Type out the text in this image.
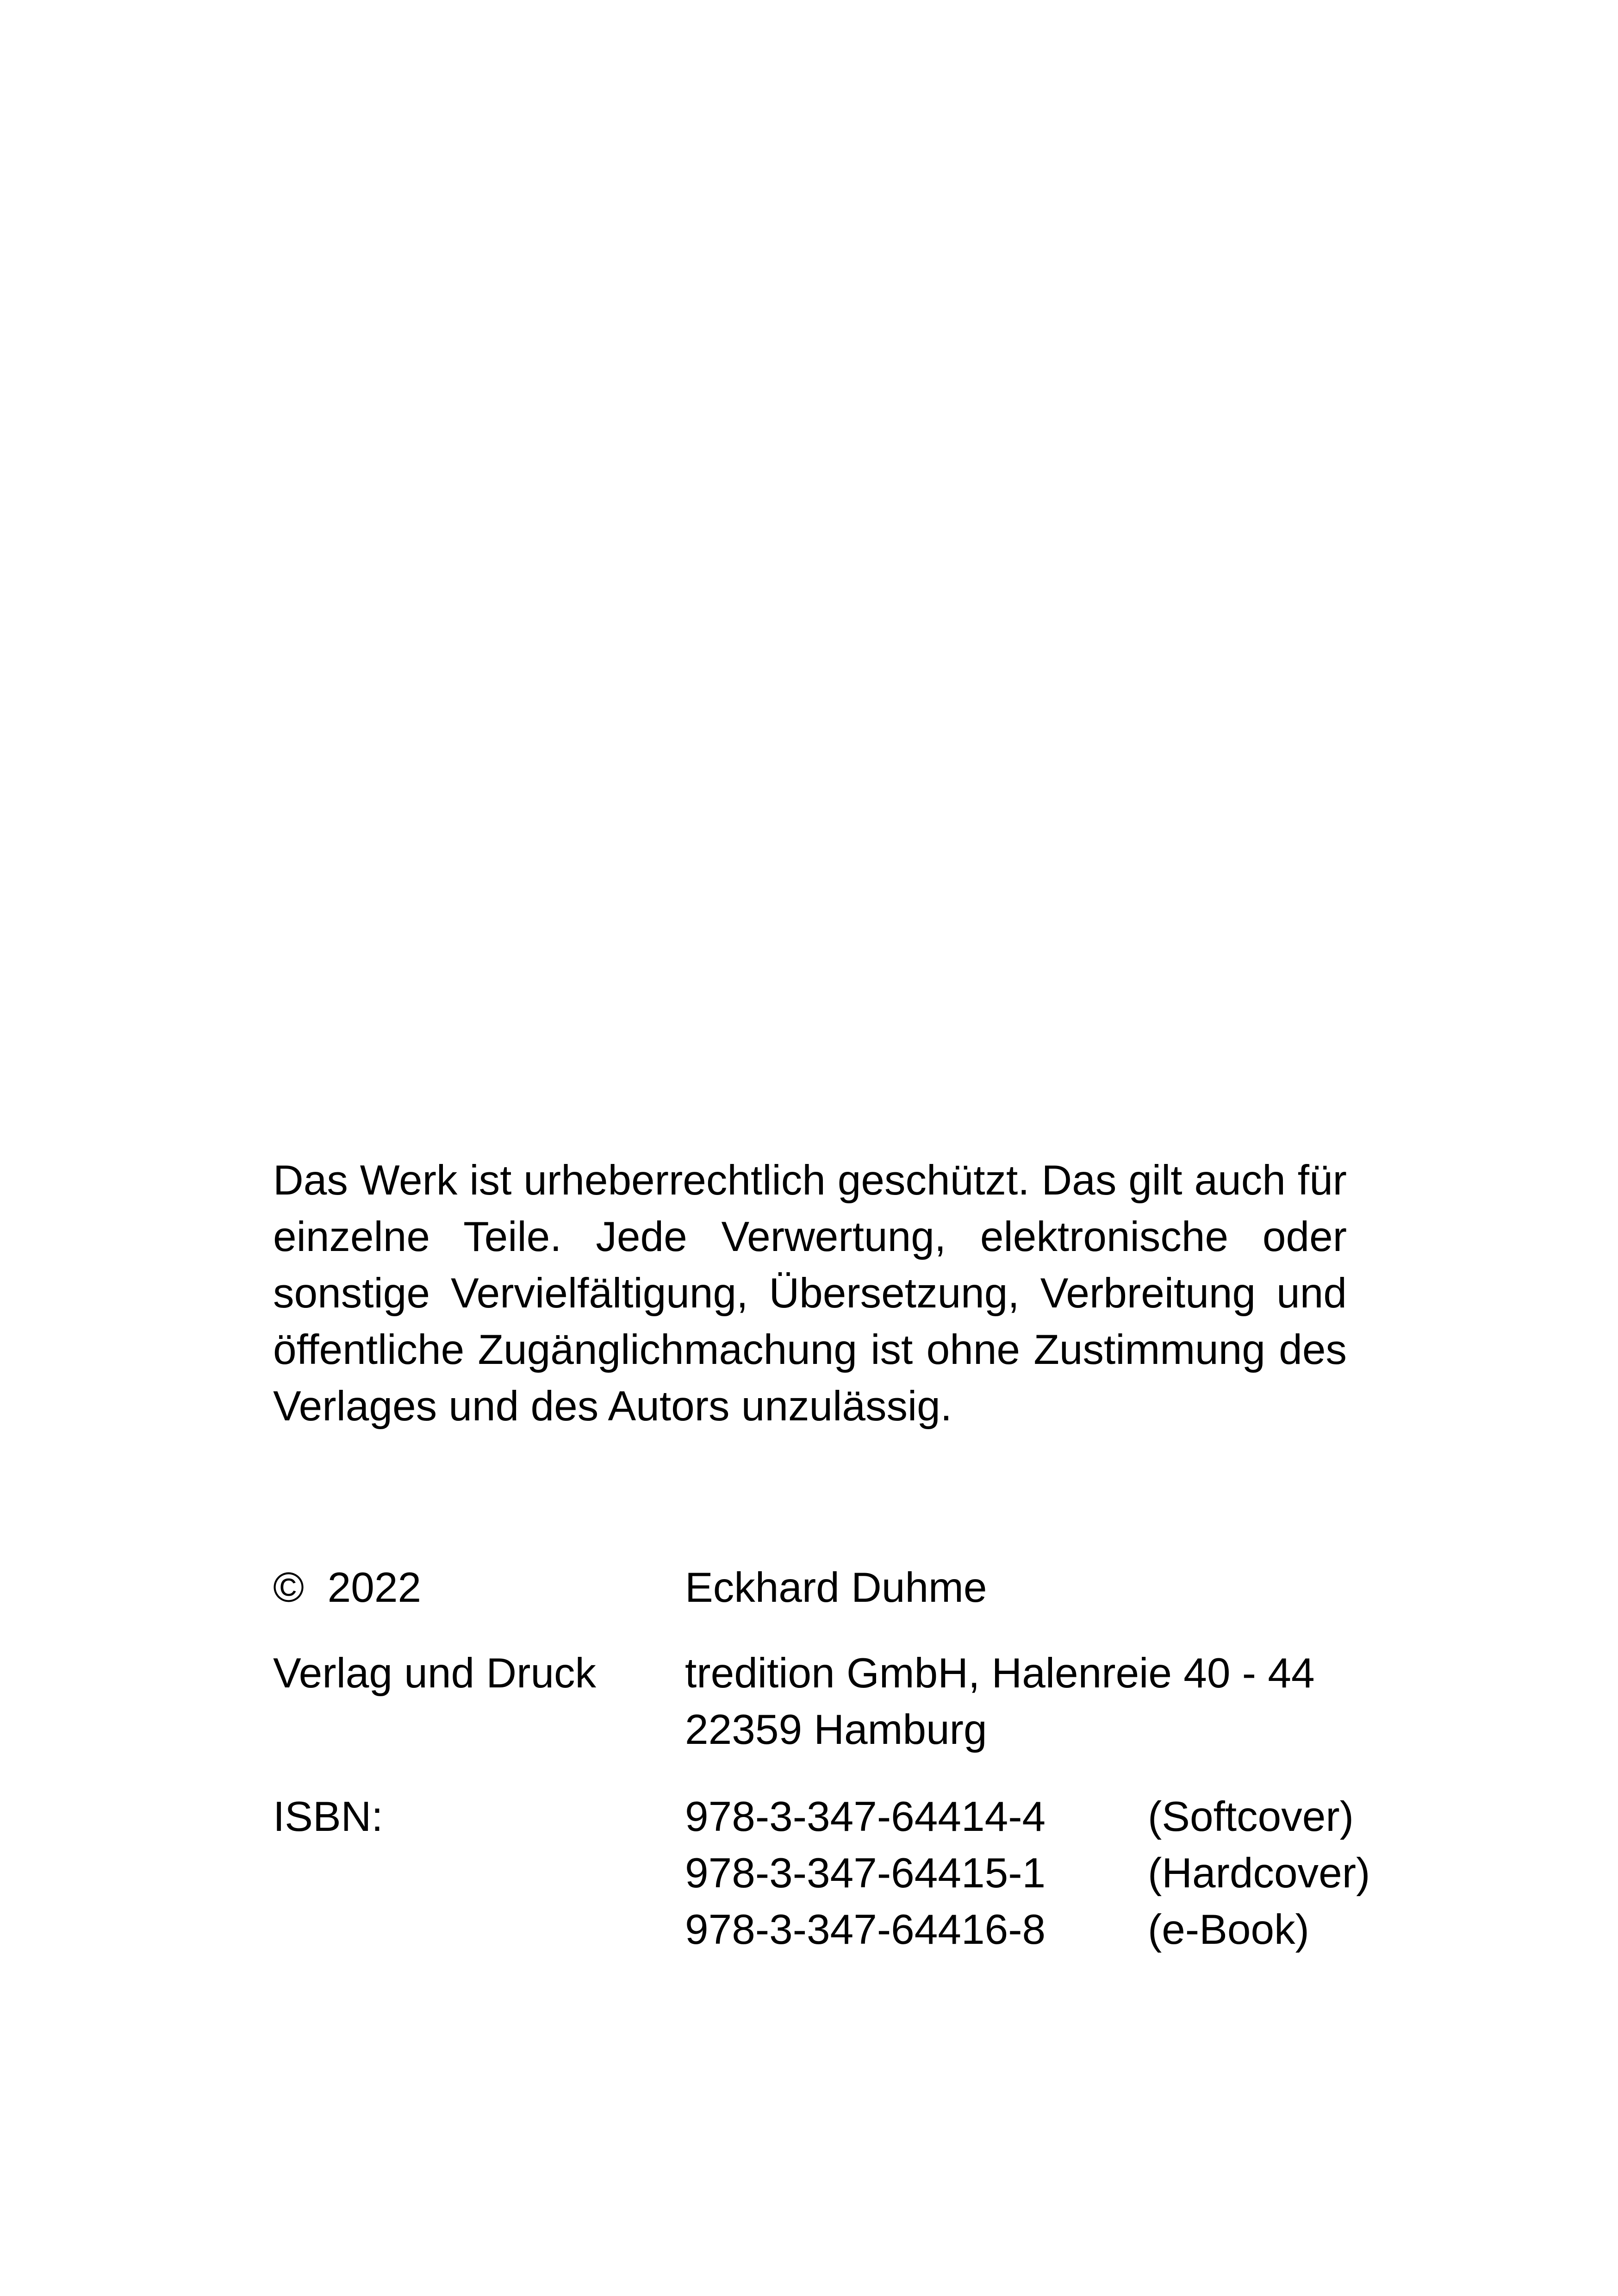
Das Werk ist urheberrechtlich geschützt. Das gilt auch für einzelne Teile. Jede Verwertung, elektronische oder sonstige Vervielfältigung, Übersetzung, Verbreitung und öffentliche Zugänglichmachung ist ohne Zustimmung des Verlages und des Autors unzulässig.

©  2022	Eckhard Duhme
Verlag und Druck tredition GmbH, Halenreie 40 - 44
22359 Hamburg
ISBN:	978-3-347-64414-4 (Softcover)
978-3-347-64415-1 (Hardcover)
978-3-347-64416-8 (e-Book)
